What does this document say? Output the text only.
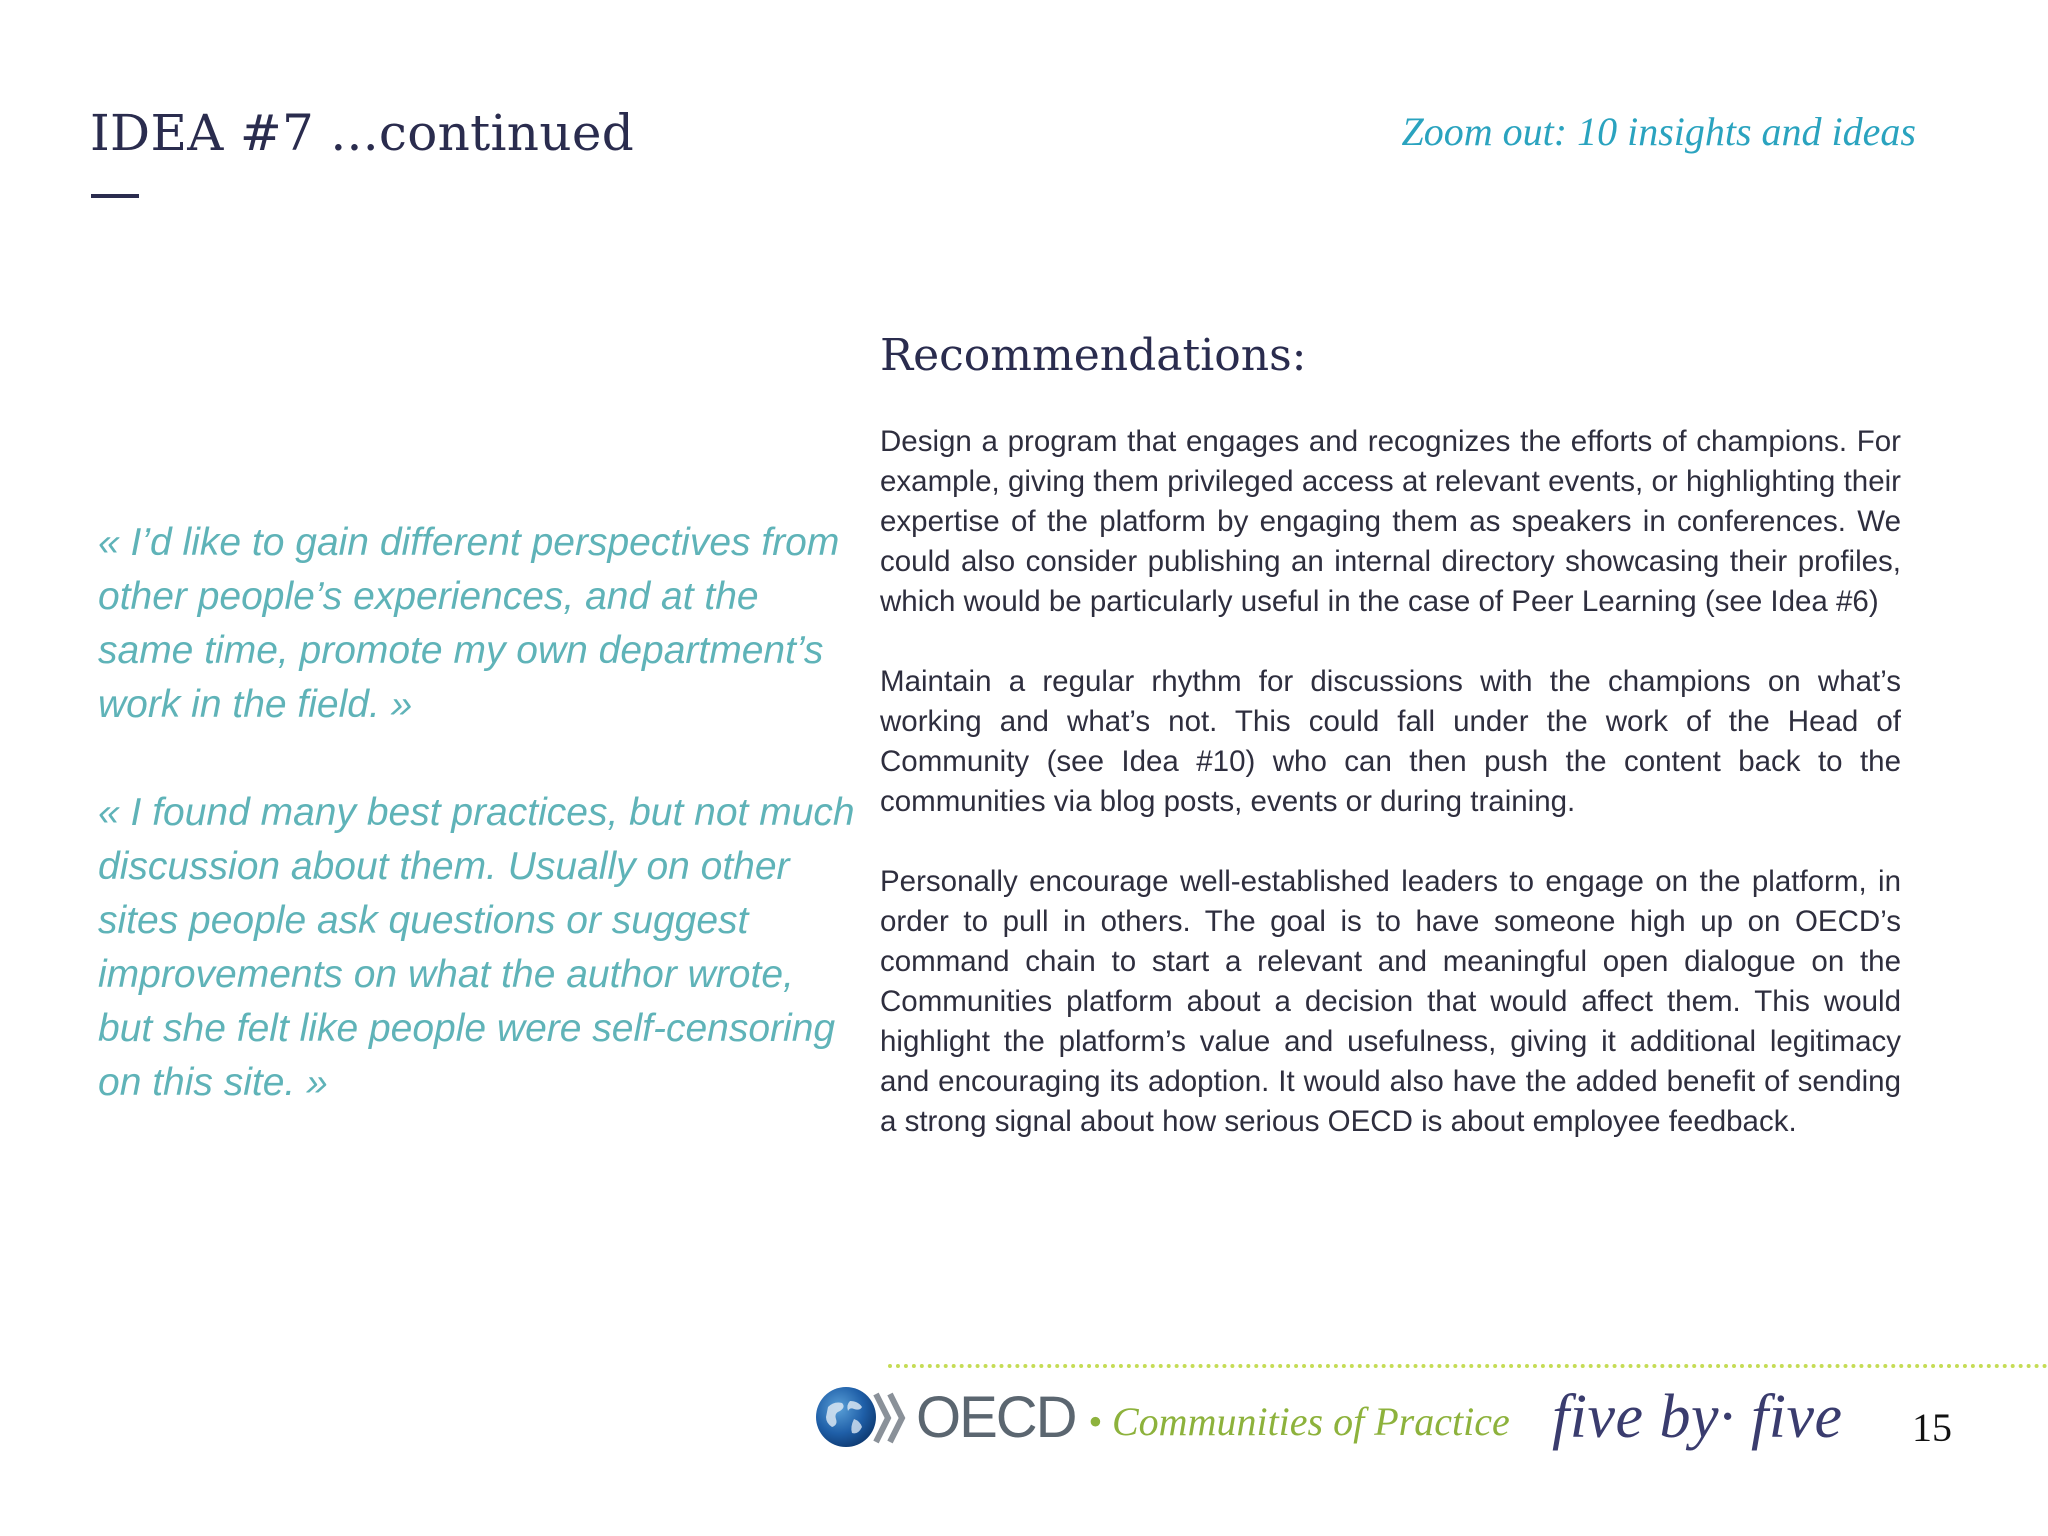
IDEA #7 ...continued	Zoom out: 10 insights and ideas

« I’d like to gain different perspectives from other people’s experiences, and at the same time, promote my own department’s work in the field. »

« I found many best practices, but not much discussion about them. Usually on other sites people ask questions or suggest improvements on what the author wrote, but she felt like people were self-censoring on this site. »

Recommendations:

Design a program that engages and recognizes the efforts of champions. For example, giving them privileged access at relevant events, or highlighting their expertise of the platform by engaging them as speakers in conferences. We could also consider publishing an internal directory showcasing their profiles, which would be particularly useful in the case of Peer Learning (see Idea #6)

Maintain a regular rhythm for discussions with the champions on what’s working and what’s not. This could fall under the work of the Head of Community (see Idea #10) who can then push the content back to the communities via blog posts, events or during training.

Personally encourage well-established leaders to engage on the platform, in order to pull in others. The goal is to have someone high up on OECD’s command chain to start a relevant and meaningful open dialogue on the Communities platform about a decision that would affect them. This would highlight the platform’s value and usefulness, giving it additional legitimacy and encouraging its adoption. It would also have the added benefit of sending a strong signal about how serious OECD is about employee feedback.

OECD • Communities of Practice five by· five 15
